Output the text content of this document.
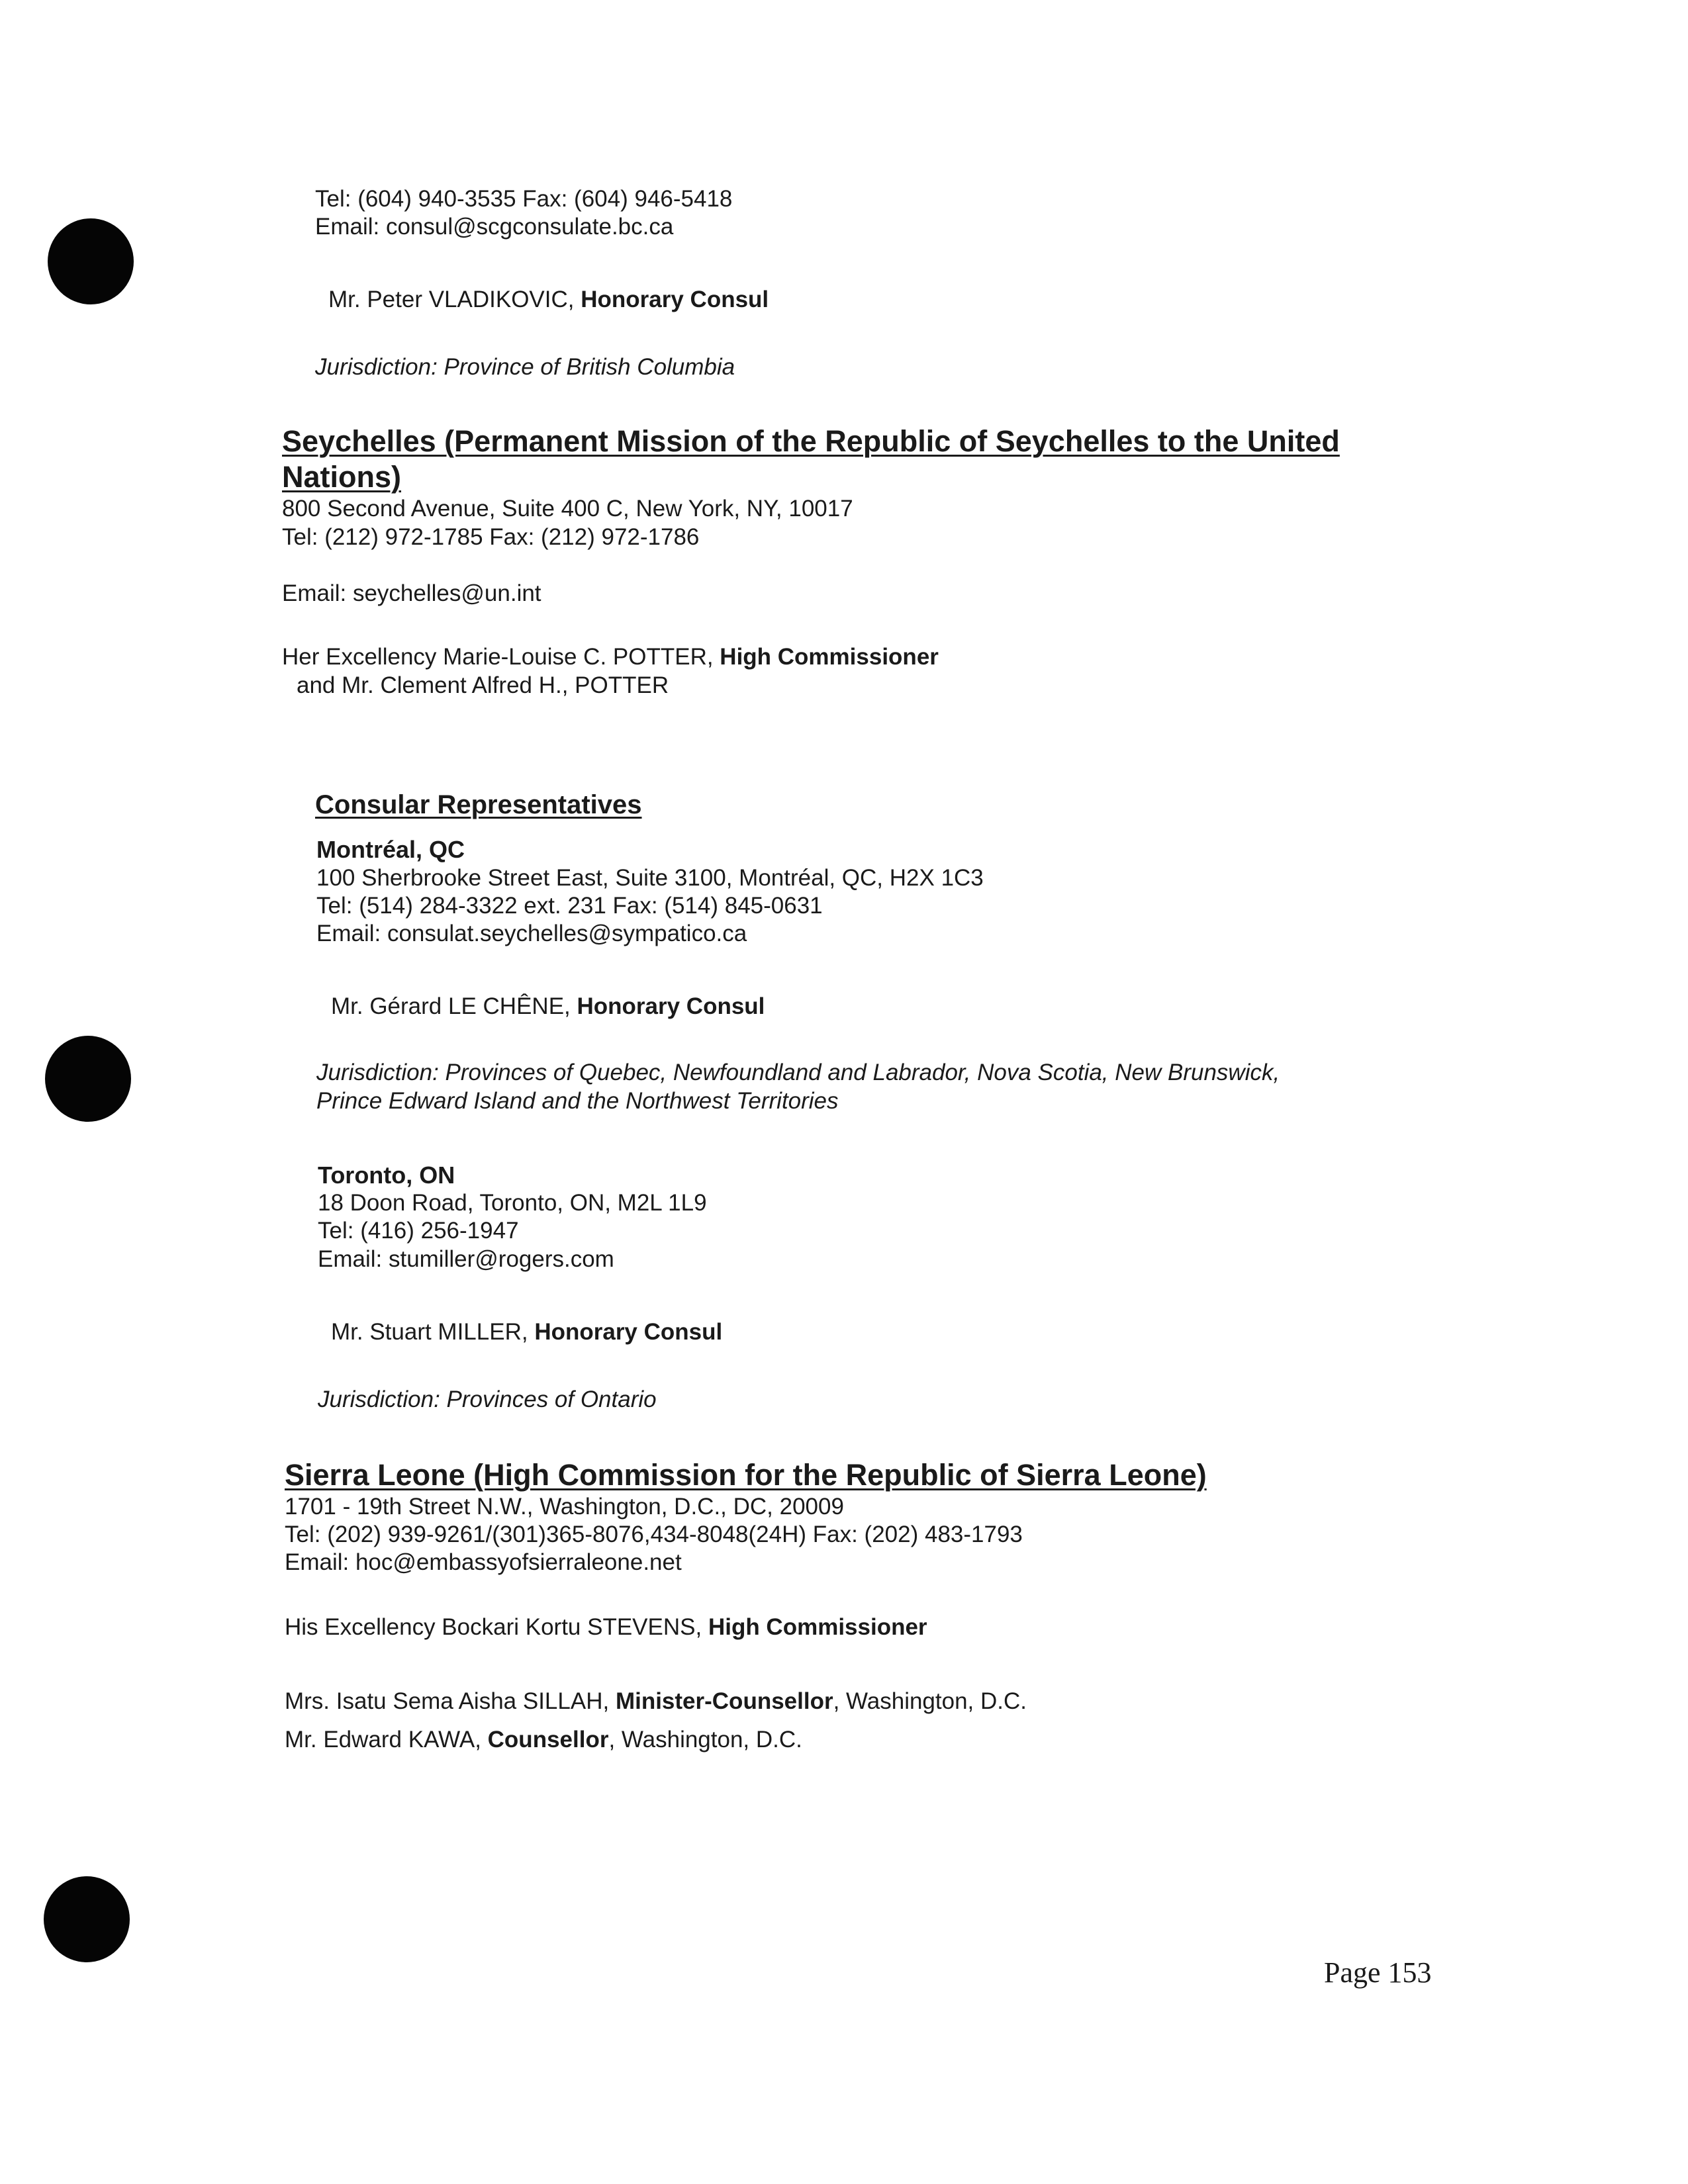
Tel: (604) 940-3535 Fax: (604) 946-5418
Email: consul@scgconsulate.bc.ca
Mr. Peter VLADIKOVIC, Honorary Consul
Jurisdiction: Province of British Columbia
Seychelles (Permanent Mission of the Republic of Seychelles to the United
Nations)
800 Second Avenue, Suite 400 C, New York, NY, 10017
Tel: (212) 972-1785 Fax: (212) 972-1786
Email: seychelles@un.int
Her Excellency Marie-Louise C. POTTER, High Commissioner
and Mr. Clement Alfred H., POTTER
Consular Representatives
Montréal, QC
100 Sherbrooke Street East, Suite 3100, Montréal, QC, H2X 1C3
Tel: (514) 284-3322 ext. 231 Fax: (514) 845-0631
Email: consulat.seychelles@sympatico.ca
Mr. Gérard LE CHÊNE, Honorary Consul
Jurisdiction: Provinces of Quebec, Newfoundland and Labrador, Nova Scotia, New Brunswick,
Prince Edward Island and the Northwest Territories
Toronto, ON
18 Doon Road, Toronto, ON, M2L 1L9
Tel: (416) 256-1947
Email: stumiller@rogers.com
Mr. Stuart MILLER, Honorary Consul
Jurisdiction: Provinces of Ontario
Sierra Leone (High Commission for the Republic of Sierra Leone)
1701 - 19th Street N.W., Washington, D.C., DC, 20009
Tel: (202) 939-9261/(301)365-8076,434-8048(24H) Fax: (202) 483-1793
Email: hoc@embassyofsierraleone.net
His Excellency Bockari Kortu STEVENS, High Commissioner
Mrs. Isatu Sema Aisha SILLAH, Minister-Counsellor, Washington, D.C.
Mr. Edward KAWA, Counsellor, Washington, D.C.
Page 153
